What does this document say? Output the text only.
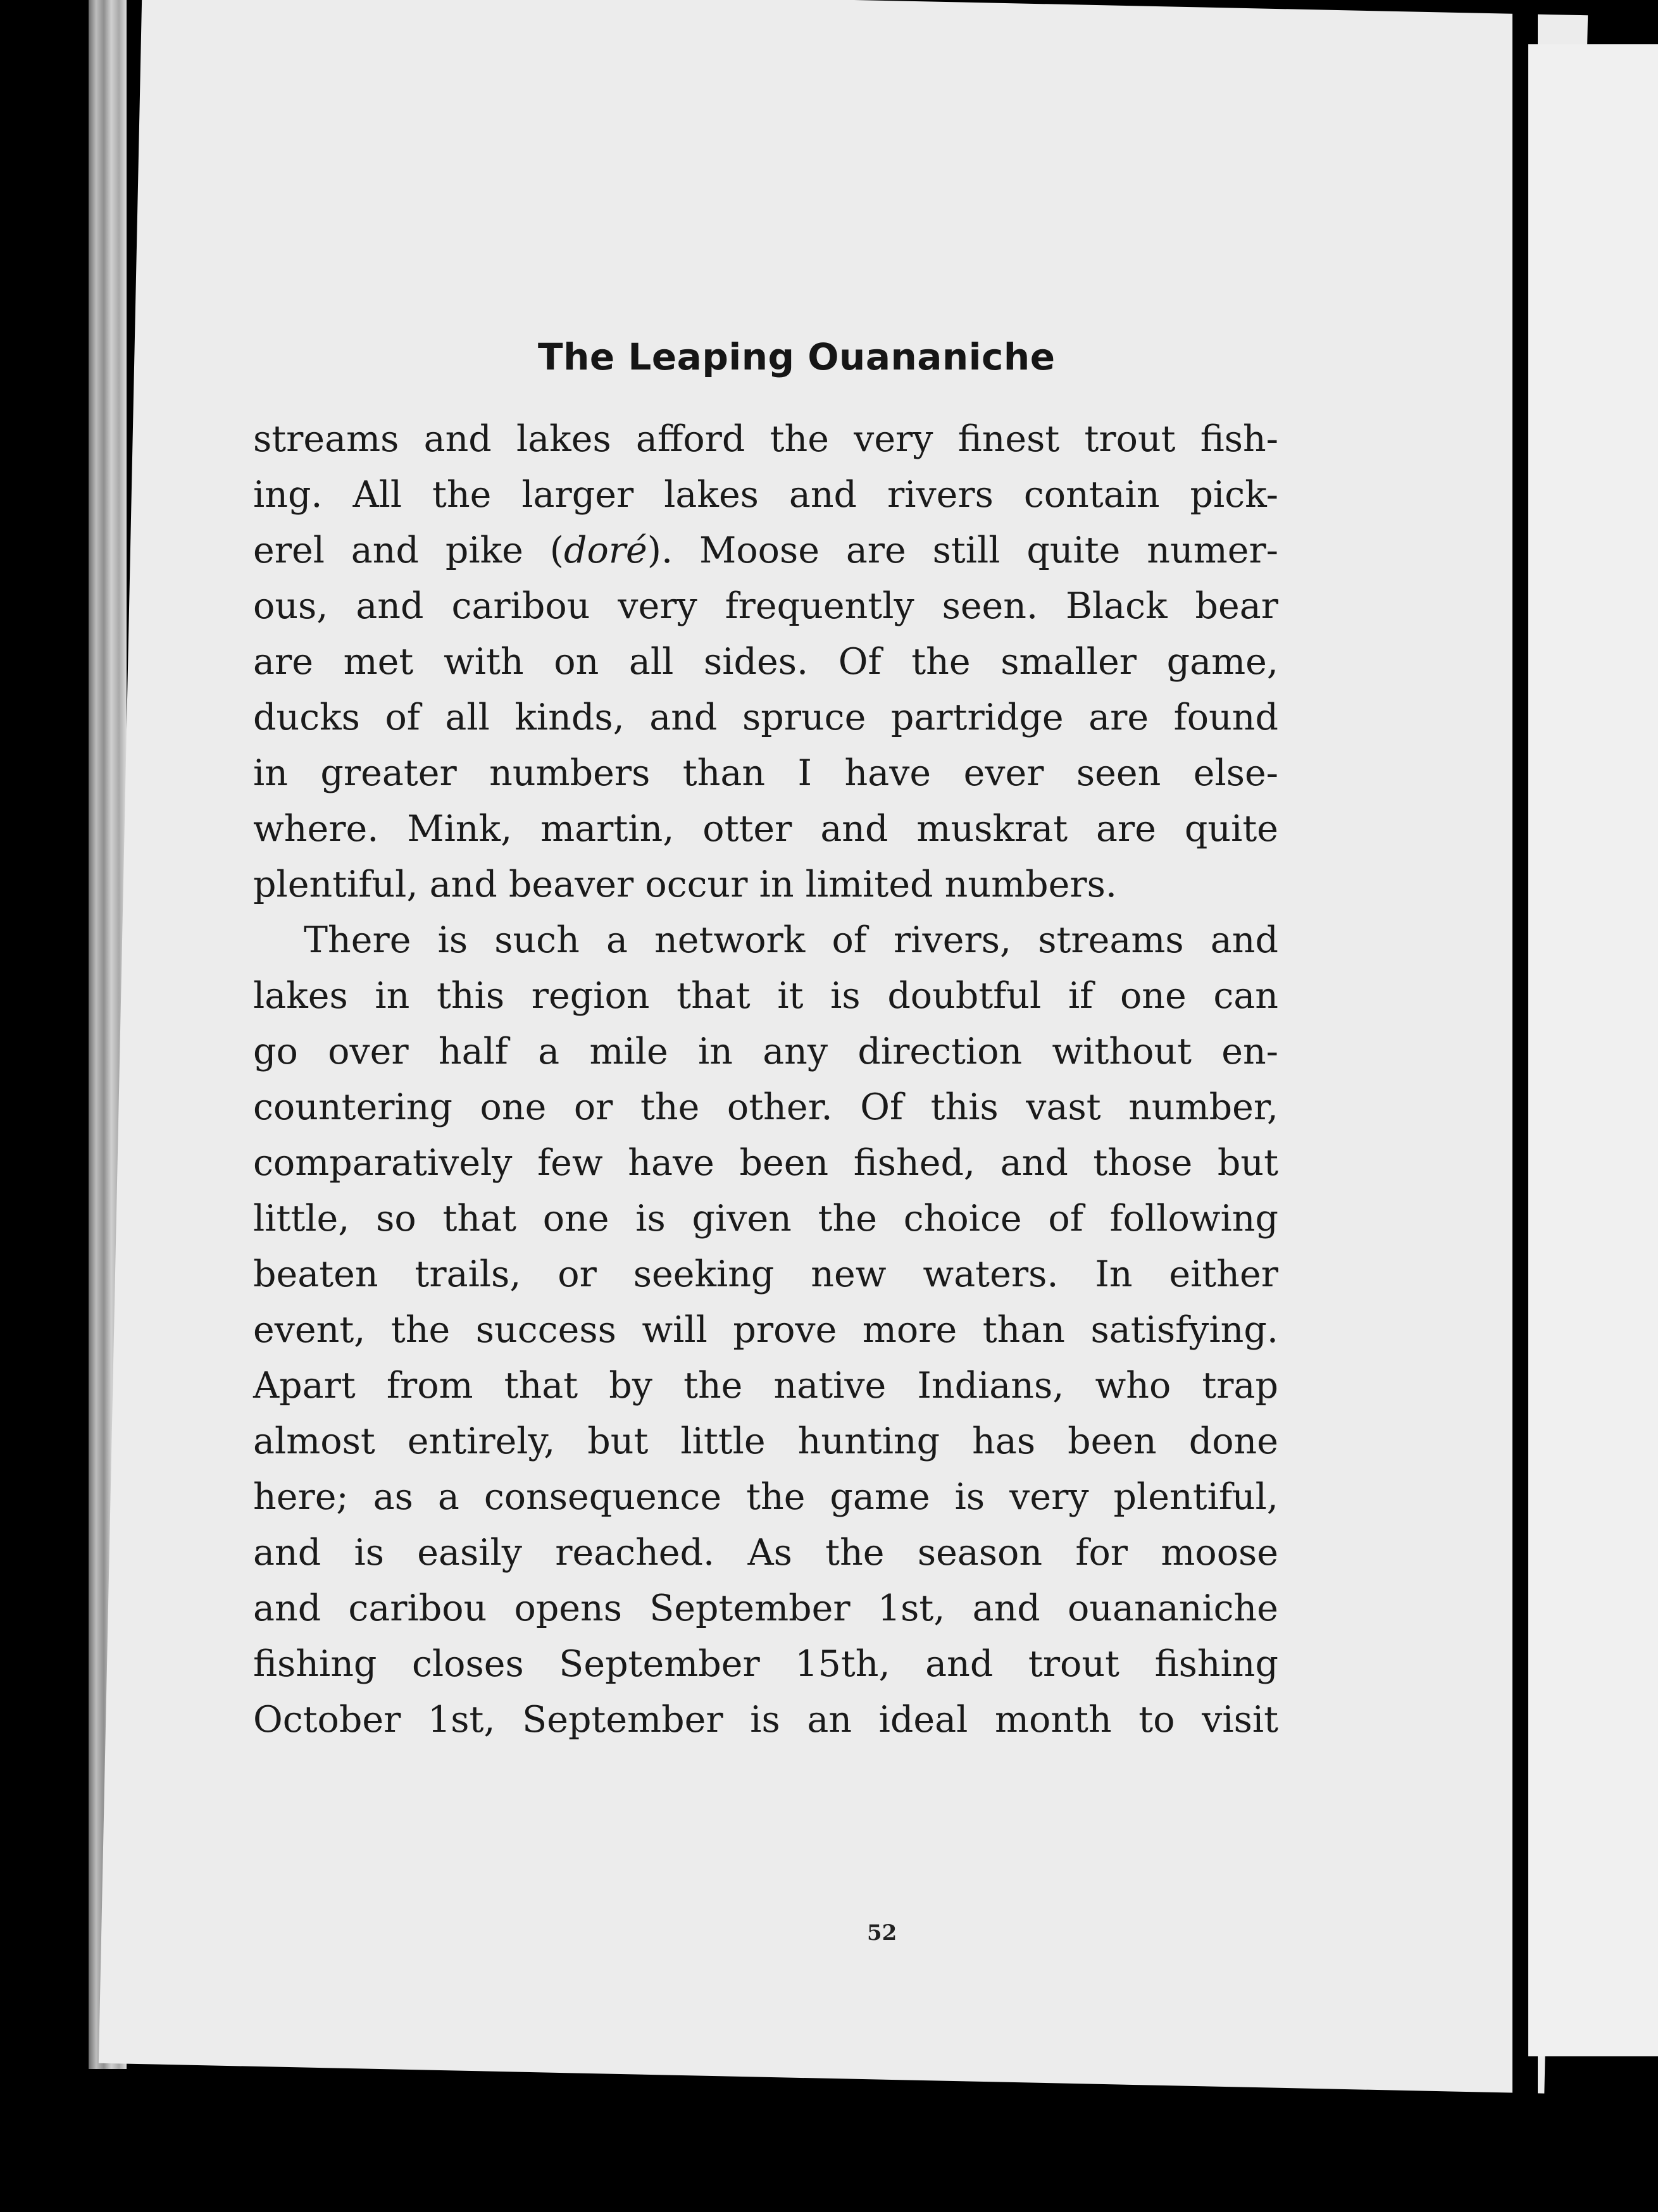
The Leaping Ouananiche
streams and lakes afford the very finest trout fish-
ing. All the larger lakes and rivers contain pick-
erel and pike (doré). Moose are still quite numer-
ous, and caribou very frequently seen. Black bear
are met with on all sides. Of the smaller game,
ducks of all kinds, and spruce partridge are found
in greater numbers than I have ever seen else-
where. Mink, martin, otter and muskrat are quite
plentiful, and beaver occur in limited numbers.
There is such a network of rivers, streams and
lakes in this region that it is doubtful if one can
go over half a mile in any direction without en-
countering one or the other. Of this vast number,
comparatively few have been fished, and those but
little, so that one is given the choice of following
beaten trails, or seeking new waters. In either
event, the success will prove more than satisfying.
Apart from that by the native Indians, who trap
almost entirely, but little hunting has been done
here; as a consequence the game is very plentiful,
and is easily reached. As the season for moose
and caribou opens September 1st, and ouananiche
fishing closes September 15th, and trout fishing
October 1st, September is an ideal month to visit
52
